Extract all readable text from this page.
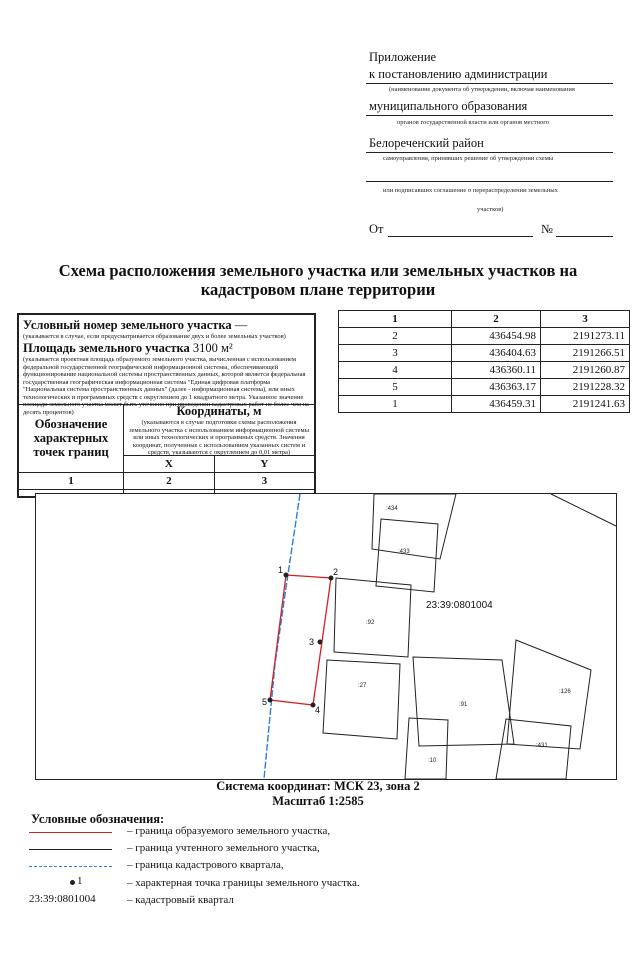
Приложение
к постановлению администрации
(наименование документа об утверждении, включая наименования
муниципального образования
органов государственной власти или органов местного
Белореченский район
самоуправления, принявших решение об утверждении схемы
или подписавших соглашение о перераспределении земельных
участков)
От	№
Схема расположения земельного участка или земельных участков на
кадастровом плане территории
Условный номер земельного участка —
(указывается в случае, если предусматривается образование двух и более земельных участков)
Площадь земельного участка 3100 м²
(указывается проектная площадь образуемого земельного участка, вычисленная с использованием федеральной государственной географической информационной системы, обеспечивающей функционирование национальной системы пространственных данных, которой является федеральная государственная географическая информационная система "Единая цифровая платформа "Национальная система пространственных данных" (далее - информационная система), или иных технологических и программных средств с округлением до 1 квадратного метра. Указанное значение площади земельного участка может быть уточнено при проведении кадастровых работ не более чем на десять процентов)
Обозначение характерных точек границ	Координаты, м
(указываются в случае подготовки схемы расположения земельного участка с использованием информационной системы или иных технологических и программных средств. Значения координат, полученные с использованием указанных систем и средств, указываются с округлением до 0,01 метра)	

	X	Y
1	2	3

1	2	3
2	436454.98	2191273.11
3	436404.63	2191266.51
4	436360.11	2191260.87
5	436363.17	2191228.32
1	436459.31	2191241.63
1	2
3
4
5
:434
:433
:92
:27
:91
:126
:431
:10
23:39:0801004
Система координат: МСК 23, зона 2
Масштаб 1:2585
Условные обозначения:
– граница образуемого земельного участка,
– граница учтенного земельного участка,
– граница кадастрового квартала,
1	– характерная точка границы земельного участка.
23:39:0801004	– кадастровый квартал
